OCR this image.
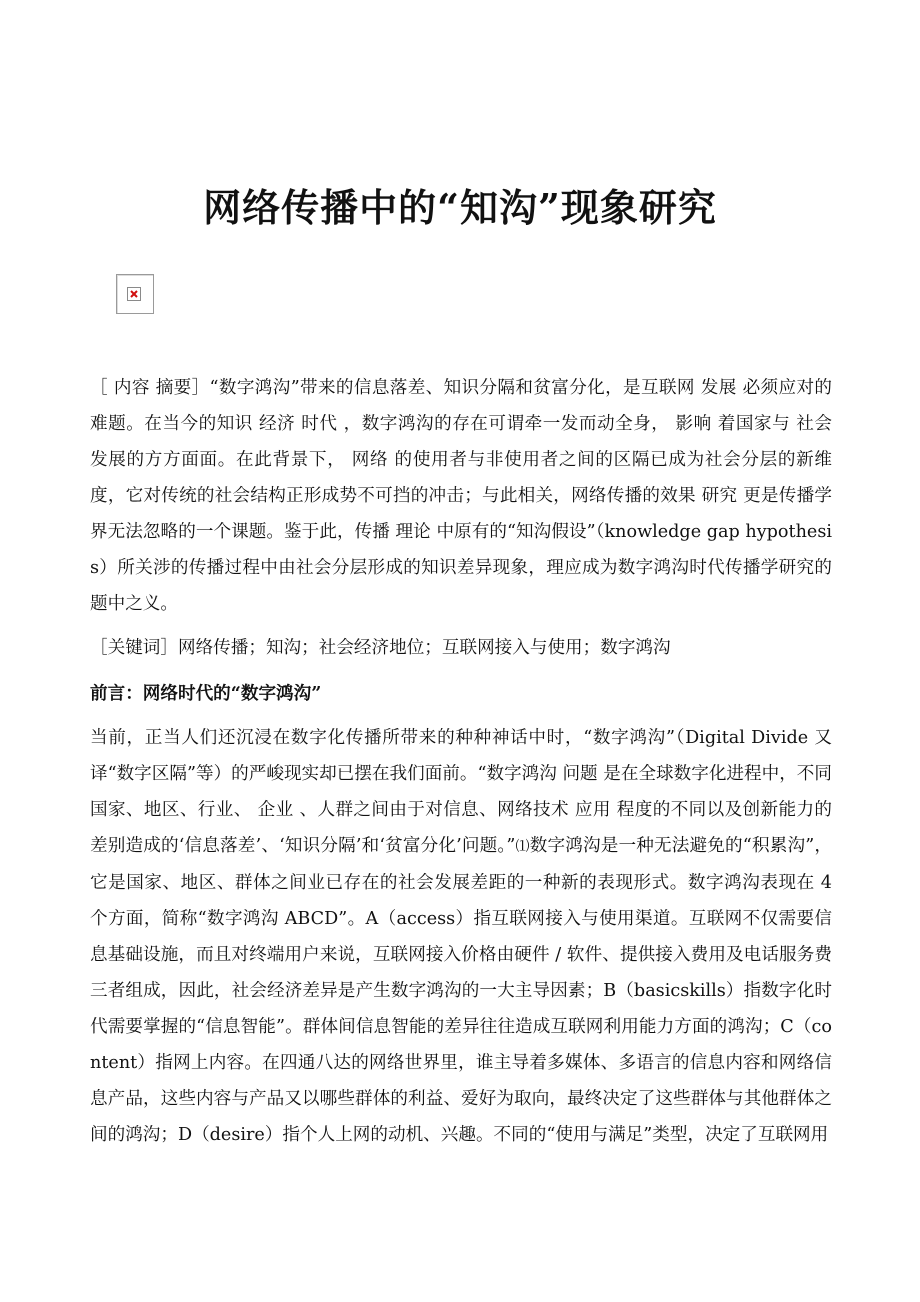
网络传播中的“知沟”现象研究

［ 内容 摘要］“数字鸿沟”带来的信息落差、知识分隔和贫富分化，是互联网 发展 必须应对的难题。在当今的知识 经济 时代 ，数字鸿沟的存在可谓牵一发而动全身， 影响 着国家与 社会 发展的方方面面。在此背景下， 网络 的使用者与非使用者之间的区隔已成为社会分层的新维度，它对传统的社会结构正形成势不可挡的冲击；与此相关，网络传播的效果 研究 更是传播学界无法忽略的一个课题。鉴于此，传播 理论 中原有的“知沟假设”（knowledge gap hypothesis）所关涉的传播过程中由社会分层形成的知识差异现象，理应成为数字鸿沟时代传播学研究的题中之义。

［关键词］网络传播；知沟；社会经济地位；互联网接入与使用；数字鸿沟

前言：网络时代的“数字鸿沟”

当前，正当人们还沉浸在数字化传播所带来的种种神话中时，“数字鸿沟”（Digital Divide 又译“数字区隔”等）的严峻现实却已摆在我们面前。“数字鸿沟 问题 是在全球数字化进程中，不同国家、地区、行业、 企业 、人群之间由于对信息、网络技术 应用 程度的不同以及创新能力的差别造成的‘信息落差’、‘知识分隔’和‘贫富分化’问题。”⑴数字鸿沟是一种无法避免的“积累沟”，它是国家、地区、群体之间业已存在的社会发展差距的一种新的表现形式。数字鸿沟表现在 4 个方面，简称“数字鸿沟 ABCD”。A（access）指互联网接入与使用渠道。互联网不仅需要信息基础设施，而且对终端用户来说，互联网接入价格由硬件 / 软件、提供接入费用及电话服务费三者组成，因此，社会经济差异是产生数字鸿沟的一大主导因素；B（basicskills）指数字化时代需要掌握的“信息智能”。群体间信息智能的差异往往造成互联网利用能力方面的鸿沟；C（content）指网上内容。在四通八达的网络世界里，谁主导着多媒体、多语言的信息内容和网络信息产品，这些内容与产品又以哪些群体的利益、爱好为取向，最终决定了这些群体与其他群体之间的鸿沟；D（desire）指个人上网的动机、兴趣。不同的“使用与满足”类型，决定了互联网用
